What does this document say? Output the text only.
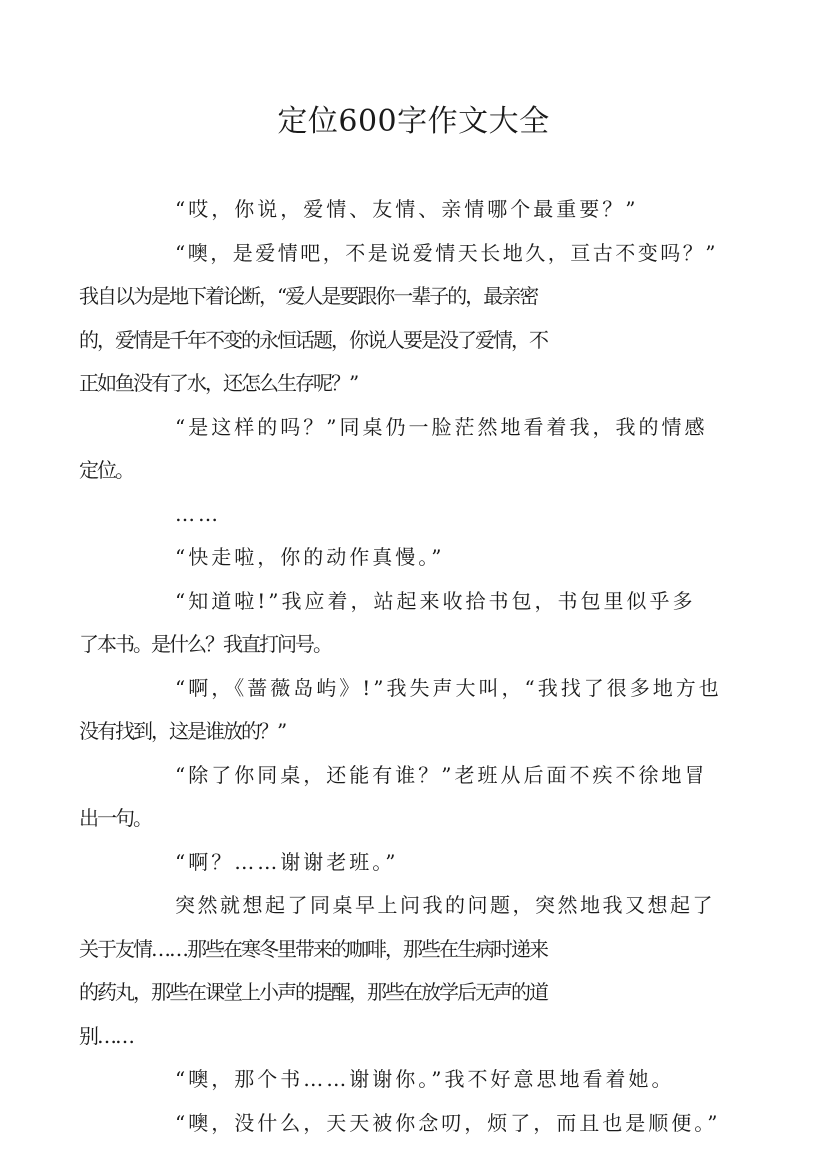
定位600字作文大全

“哎，你说，爱情、友情、亲情哪个最重要？”

“噢，是爱情吧，不是说爱情天长地久，亘古不变吗？”
我自以为是地下着论断，“爱人是要跟你一辈子的，最亲密
的，爱情是千年不变的永恒话题，你说人要是没了爱情，不
正如鱼没有了水，还怎么生存呢？”

“是这样的吗？”同桌仍一脸茫然地看着我，我的情感
定位。

……

“快走啦，你的动作真慢。”

“知道啦!”我应着，站起来收拾书包，书包里似乎多
了本书。是什么？我直打问号。

“啊，《蔷薇岛屿》!”我失声大叫，“我找了很多地方也
没有找到，这是谁放的？”

“除了你同桌，还能有谁？”老班从后面不疾不徐地冒
出一句。

“啊？……谢谢老班。”

突然就想起了同桌早上问我的问题，突然地我又想起了
关于友情……那些在寒冬里带来的咖啡，那些在生病时递来
的药丸，那些在课堂上小声的提醒，那些在放学后无声的道
别……

“噢，那个书……谢谢你。”我不好意思地看着她。

“噢，没什么，天天被你念叨，烦了，而且也是顺便。”
